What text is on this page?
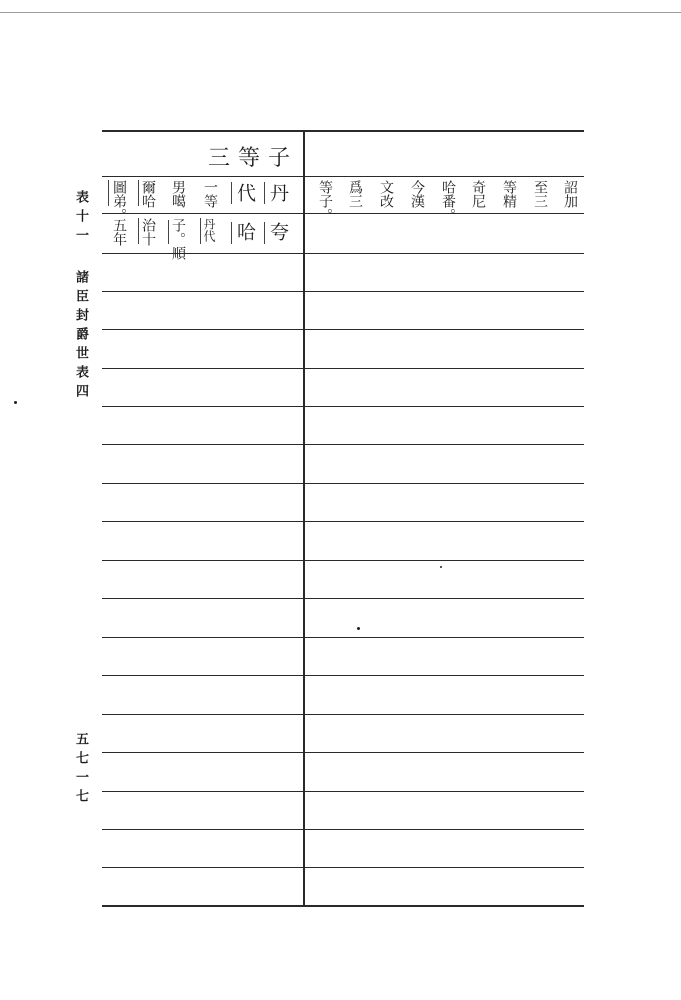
表十一
諸臣封爵世表四
五七一七
三等子
丹
夸
代
哈
丹代
一等
男噶
子。順
爾哈
治十
圖弟。
五年
詔加
至三
等精
奇尼
哈番。
今漢
文改
爲三
等子。
